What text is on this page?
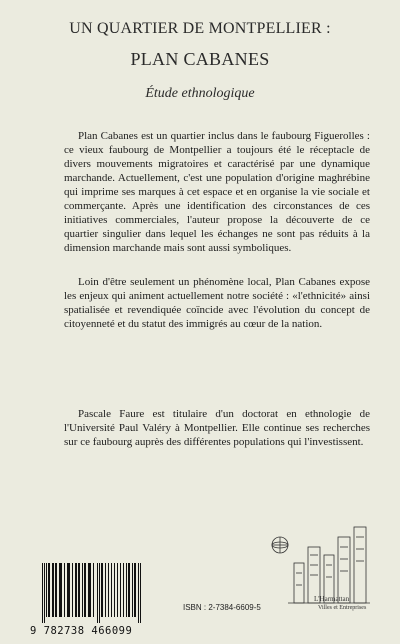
UN QUARTIER DE MONTPELLIER :
PLAN CABANES
Étude ethnologique

Plan Cabanes est un quartier inclus dans le faubourg Figuerolles : ce vieux faubourg de Montpellier a toujours été le réceptacle de divers mouvements migratoires et caractérisé par une dynamique marchande. Actuellement, c'est une population d'origine maghrébine qui imprime ses marques à cet espace et en organise la vie sociale et commerçante. Après une identification des circonstances de ces initiatives commerciales, l'auteur propose la découverte de ce quartier singulier dans lequel les échanges ne sont pas réduits à la dimension marchande mais sont aussi symboliques.

Loin d'être seulement un phénomène local, Plan Cabanes expose les enjeux qui animent actuellement notre société : «l'ethnicité» ainsi spatialisée et revendiquée coïncide avec l'évolution du concept de citoyenneté et du statut des immigrés au cœur de la nation.

Pascale Faure est titulaire d'un doctorat en ethnologie de l'Université Paul Valéry à Montpellier. Elle continue ses recherches sur ce faubourg auprès des différentes populations qui l'investissent.

9 782738 466099
ISBN : 2-7384-6609-5
L'Harmattan
Villes et Entreprises
